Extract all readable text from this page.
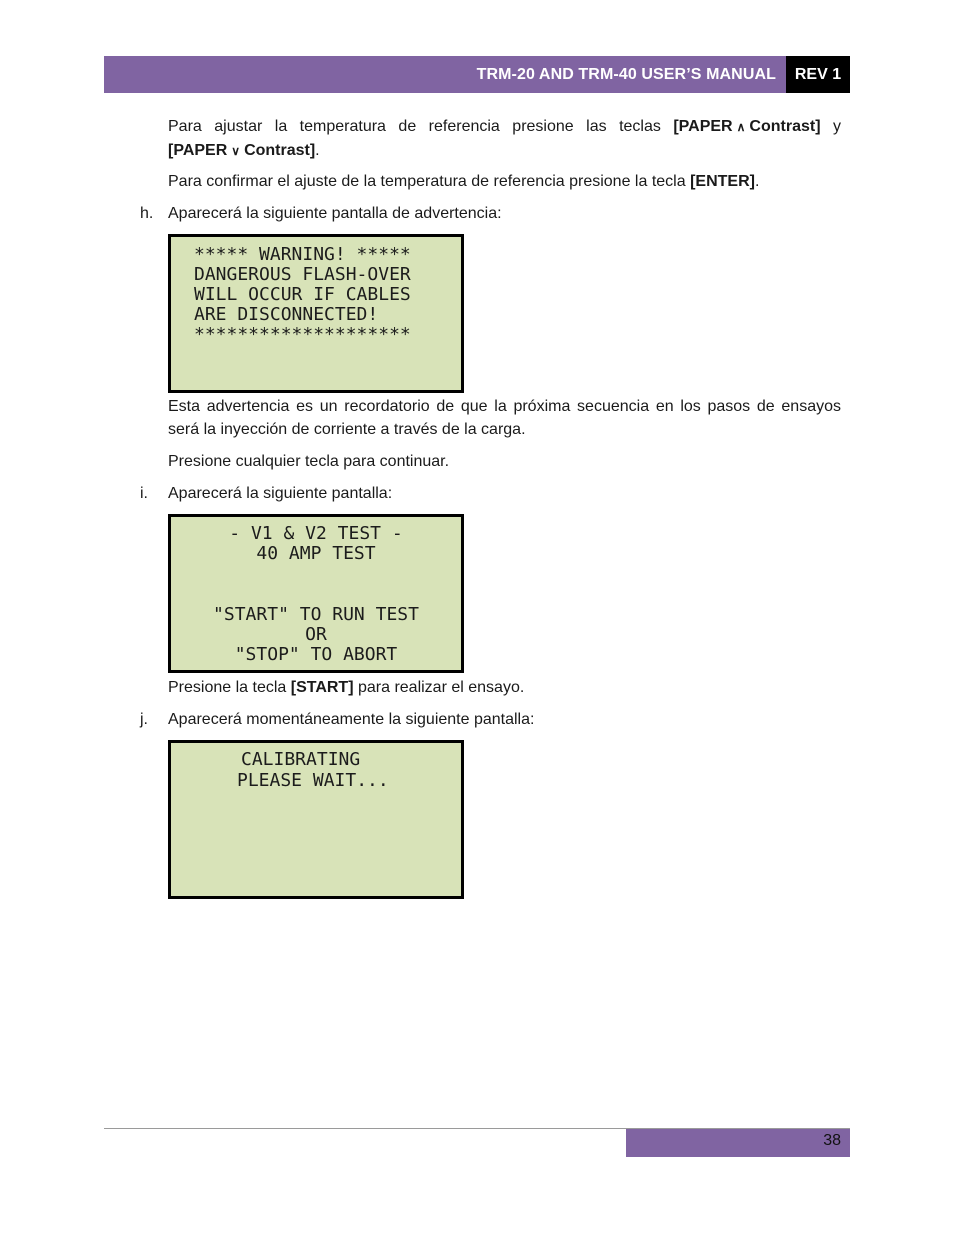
TRM-20 AND TRM-40 USER’S MANUAL	REV 1

Para ajustar la temperatura de referencia presione las teclas [PAPER ∧ Contrast] y [PAPER ∨ Contrast].

Para confirmar el ajuste de la temperatura de referencia presione la tecla [ENTER].

h. Aparecerá la siguiente pantalla de advertencia:

***** WARNING! *****
DANGEROUS FLASH-OVER
WILL OCCUR IF CABLES
ARE DISCONNECTED!
********************

Esta advertencia es un recordatorio de que la próxima secuencia en los pasos de ensayos será la inyección de corriente a través de la carga.

Presione cualquier tecla para continuar.

i. Aparecerá la siguiente pantalla:

- V1 & V2 TEST -
40 AMP TEST
"START" TO RUN TEST
OR
"STOP" TO ABORT

Presione la tecla [START] para realizar el ensayo.

j. Aparecerá momentáneamente la siguiente pantalla:

CALIBRATING
PLEASE WAIT...
38
